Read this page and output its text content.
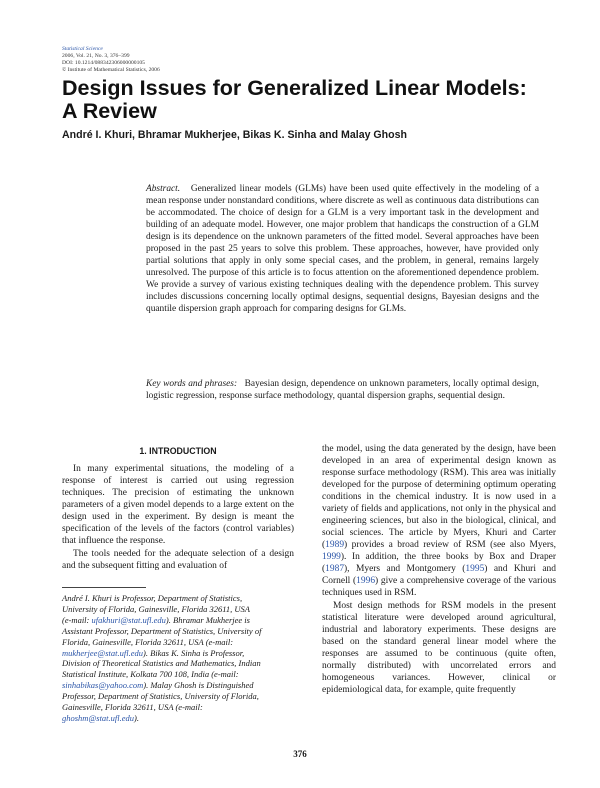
Statistical Science
2006, Vol. 21, No. 3, 376–399
DOI: 10.1214/088342306000000105
© Institute of Mathematical Statistics, 2006
Design Issues for Generalized Linear Models: A Review
André I. Khuri, Bhramar Mukherjee, Bikas K. Sinha and Malay Ghosh
Abstract. Generalized linear models (GLMs) have been used quite effectively in the modeling of a mean response under nonstandard conditions, where discrete as well as continuous data distributions can be accommodated. The choice of design for a GLM is a very important task in the development and building of an adequate model. However, one major problem that handicaps the construction of a GLM design is its dependence on the unknown parameters of the fitted model. Several approaches have been proposed in the past 25 years to solve this problem. These approaches, however, have provided only partial solutions that apply in only some special cases, and the problem, in general, remains largely unresolved. The purpose of this article is to focus attention on the aforementioned dependence problem. We provide a survey of various existing techniques dealing with the dependence problem. This survey includes discussions concerning locally optimal designs, sequential designs, Bayesian designs and the quantile dispersion graph approach for comparing designs for GLMs.
Key words and phrases: Bayesian design, dependence on unknown parameters, locally optimal design, logistic regression, response surface methodology, quantal dispersion graphs, sequential design.
1. INTRODUCTION

In many experimental situations, the modeling of a response of interest is carried out using regression techniques. The precision of estimating the unknown parameters of a given model depends to a large extent on the design used in the experiment. By design is meant the specification of the levels of the factors (control variables) that influence the response.

The tools needed for the adequate selection of a design and the subsequent fitting and evaluation of

André I. Khuri is Professor, Department of Statistics,
University of Florida, Gainesville, Florida 32611, USA
(e-mail: ufakhuri@stat.ufl.edu). Bhramar Mukherjee is
Assistant Professor, Department of Statistics, University of
Florida, Gainesville, Florida 32611, USA (e-mail:
mukherjee@stat.ufl.edu). Bikas K. Sinha is Professor,
Division of Theoretical Statistics and Mathematics, Indian
Statistical Institute, Kolkata 700 108, India (e-mail:
sinhabikas@yahoo.com). Malay Ghosh is Distinguished
Professor, Department of Statistics, University of Florida,
Gainesville, Florida 32611, USA (e-mail:
ghoshm@stat.ufl.edu).

the model, using the data generated by the design, have been developed in an area of experimental design known as response surface methodology (RSM). This area was initially developed for the purpose of determining optimum operating conditions in the chemical industry. It is now used in a variety of fields and applications, not only in the physical and engineering sciences, but also in the biological, clinical, and social sciences. The article by Myers, Khuri and Carter (1989) provides a broad review of RSM (see also Myers, 1999). In addition, the three books by Box and Draper (1987), Myers and Montgomery (1995) and Khuri and Cornell (1996) give a comprehensive coverage of the various techniques used in RSM.

Most design methods for RSM models in the present statistical literature were developed around agricultural, industrial and laboratory experiments. These designs are based on the standard general linear model where the responses are assumed to be continuous (quite often, normally distributed) with uncorrelated errors and homogeneous variances. However, clinical or epidemiological data, for example, quite frequently

376
